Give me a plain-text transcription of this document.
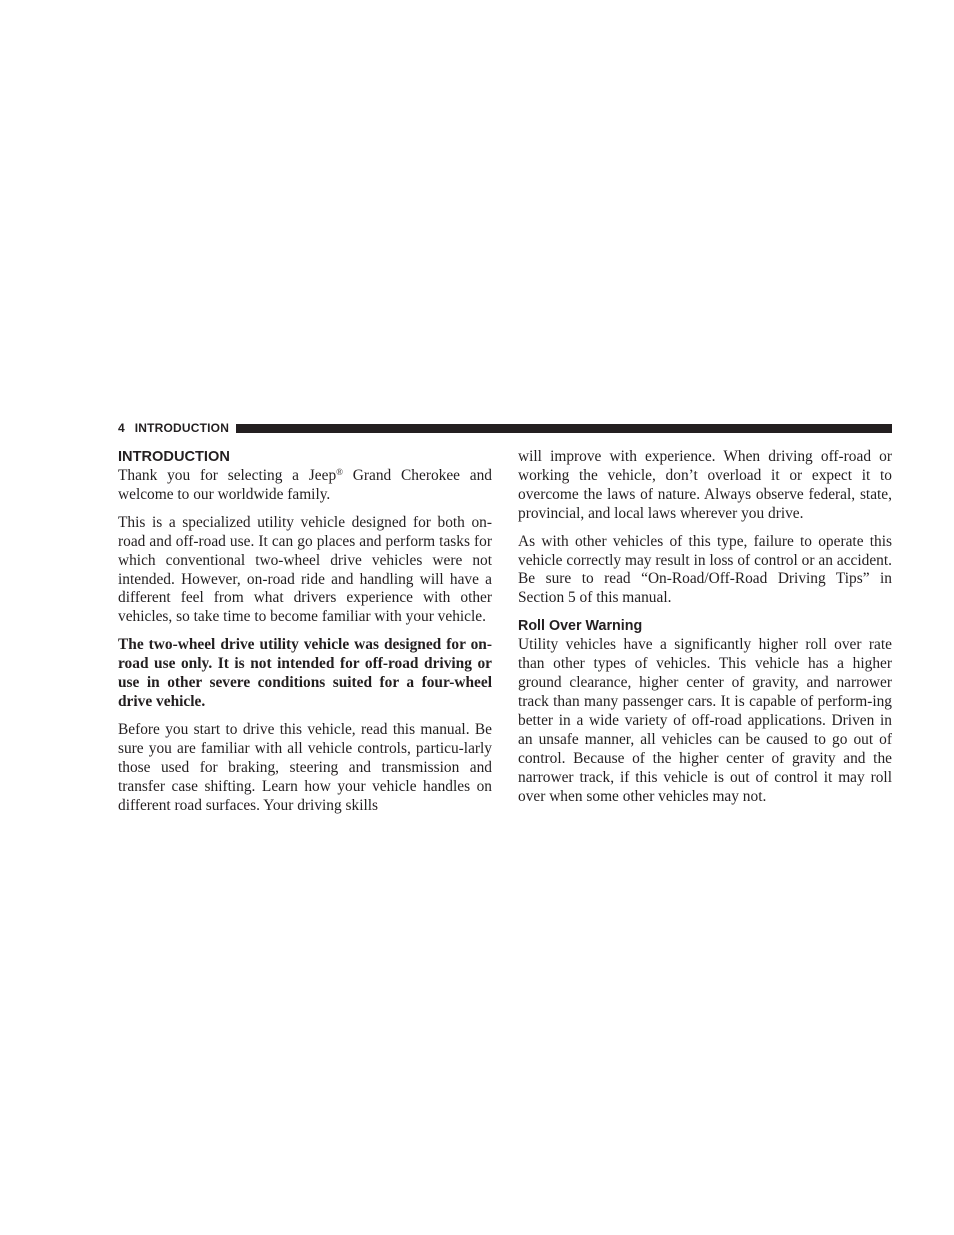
4 INTRODUCTION
INTRODUCTION

Thank you for selecting a Jeep® Grand Cherokee and welcome to our worldwide family.

This is a specialized utility vehicle designed for both on-road and off-road use. It can go places and perform tasks for which conventional two-wheel drive vehicles were not intended. However, on-road ride and handling will have a different feel from what drivers experience with other vehicles, so take time to become familiar with your vehicle.

The two-wheel drive utility vehicle was designed for on-road use only. It is not intended for off-road driving or use in other severe conditions suited for a four-wheel drive vehicle.

Before you start to drive this vehicle, read this manual. Be sure you are familiar with all vehicle controls, particu-larly those used for braking, steering and transmission and transfer case shifting. Learn how your vehicle handles on different road surfaces. Your driving skills

will improve with experience. When driving off-road or working the vehicle, don’t overload it or expect it to overcome the laws of nature. Always observe federal, state, provincial, and local laws wherever you drive.

As with other vehicles of this type, failure to operate this vehicle correctly may result in loss of control or an accident. Be sure to read “On-Road/Off-Road Driving Tips” in Section 5 of this manual.

Roll Over Warning

Utility vehicles have a significantly higher roll over rate than other types of vehicles. This vehicle has a higher ground clearance, higher center of gravity, and narrower track than many passenger cars. It is capable of perform-ing better in a wide variety of off-road applications. Driven in an unsafe manner, all vehicles can be caused to go out of control. Because of the higher center of gravity and the narrower track, if this vehicle is out of control it may roll over when some other vehicles may not.
